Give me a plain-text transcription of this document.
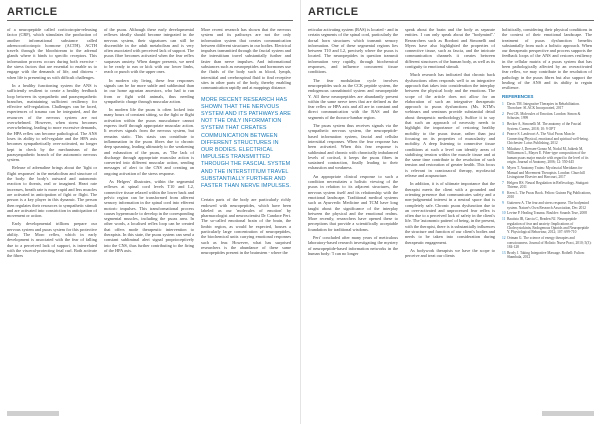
ARTICLE

of a neuropeptide called corticotropin-releasing factor (CRF), which stimulates the production of another informational substance called adrenocorticotropic hormone (ACTH). ACTH travels through the bloodstream to the adrenal glands where it binds to specific receptors. This information process occurs during both exercise - the stress factors that are essential to enable us to engage with the demands of life, and distress - when life is presenting us with difficult challenges.

In a healthy functioning system the ANS is sufficiently resilient to create a healthy feedback loop between its sympathetic and parasympathetic branches, maintaining sufficient resiliency for effective self-regulation. Challenges can be faced, experiences of trauma can be integrated, and the resources of the nervous system are not overwhelmed. However, when stress becomes overwhelming, leading to more excessive demands, the HPA reflex can become pathological. The ANS loses its ability to self-regulate and the HPA axis becomes sympathetically over-activated, no longer kept in check by the mechanisms of the parasympathetic branch of the autonomic nervous system.

Release of adrenaline brings about the 'fight or flight responses' in the metabolism and structure of the body: the body's outward and autonomic reaction to threats, real or imagined. Heart rate increases, breath rate is more rapid and less muscles are activated in anticipation of fight or flight. The person is a key player in this dynamic. The person then regulates their resources to sympathetic stimuli and are activated into constriction in anticipation of movement or action.

Early developmental trillions prepare our nervous system and psoas system for this protective ability. The Moro reflex, which in early development is associated with the fear of falling due to a perceived lack of support, is interrelated with the visceral-protecting fetal curl. Both activate the fibres

of the psoas. Although these early developmental reflexes ideally should become integrated in the nervous system, their signatures can still be discernible in the adult metabolism and is very often associated with perceived lack of support. The psoas fibre becomes activated when the fear reflex surpasses anxiety. When danger presents, we need to be ready to run or kick with our lower limbs, reach or punch with the upper ones.

In modern city living, these fear responses signals can be far more subtle and subliminal than in our home agrarian ancestors, who had to run from or fight wild animals, thus needing sympathetic charge through muscular action.

In modern life the psoas is often locked into many hours of constant sitting, so the fight or flight activation within the psoas musculature cannot express itself through appropriate muscular action. It receives signals from the nervous system, but remains static. This stasis can contribute to inflammation in the psoas fibres due to chronic deep spasming, leading ultimately to the weakening and exhaustion of the psoas, as 'The lack of discharge through appropriate muscular action is converted into different muscular action, sending messages of alert to the CNS and creating an ongoing activation of the stress response.

As Helgers' illustrates, within the segmental reflexes at spinal cord levels T10 and L2, connective tissue relaxed within the lower back and pelvic region can be transformed from afferent sensory information in the spinal cord into efferent motoric impulses. This transformational process causes hypermuscle to develop in the corresponding segmental muscles, including the psoas area. In other words, a localised reflex loop can be created that offers mode therapeutic intervention to therapists. In this state, the psoas system can send a constant subliminal alert signal proprioceptively into the CNS, thus further contributing to the firing of the HPA axis.

More recent research has shown that the nervous system and its pathways are not the only information system that creates communication between different structures in our bodies. Electrical impulses transmitted through the fascial system and the interstitium travel substantially further and faster than nerve impulses. And informational substances such as neuropeptides and hormones use the fluids of the body such as blood, lymph, interstitial and cerebrospinal fluid to find receptive sites in other parts of the body, thereby enabling communication rapidly and at mappings distance.

MORE RECENT RESEARCH HAS SHOWN THAT THE NERVOUS SYSTEM AND ITS PATHWAYS ARE NOT THE ONLY INFORMATION SYSTEM THAT CREATES COMMUNICATION BETWEEN DIFFERENT STRUCTURES IN OUR BODIES. ELECTRICAL IMPULSES TRANSMITTED THROUGH THE FASCIAL SYSTEM AND THE INTERSTITIUM TRAVEL SUBSTANTIALLY FURTHER AND FASTER THAN NERVE IMPULSES.

Certain parts of the body are particularly richly endowed with neuropeptides, which have been labeled as our 'molecules of emotion' by pharmacologist and neuroscientist Dr Candace Pert. The so-called emotional brain of the brain, the limbic region, as would be expected, houses a particularly large concentration of neuropeptides, the biochemical units carrying emotional responses such as fear. However, what has surprised researchers is the abundance of these same neuropeptides present in the brainstem - where the

ARTICLE

reticular activating system (RAS) is located - and in certain segments of the spinal cord, particularly the dorsal horn structures which transmit sensory information. One of these segmental regions lies between T10 and L2, precisely where the psoas is located. The neuropeptides in question transmit information very rapidly, through biochemical responses, and influence concurrent tissue conditions.

The fear modulation cycle involves neuropeptides such as the CCK peptide system, the endogenous cannabinoid system and neuropeptide Y. All these neuropeptides are abundantly present within the same nerve trees that are defined as the fear reflex or HPA axis and all are in constant and direct communication with the RAS and the segments of the thoraco-lumbar region.

The psoas system thus receives signals via the sympathetic nervous system, the neuropeptide-based information system, fascial and cellular interstitial responses. When the fear response has been activated. When this fear response is subliminal and chronic with chronically imbalanced levels of cortisol, it keeps the psoas fibres in sustained contraction, finally leading to their exhaustion and weakness.

An appropriate clinical response to such a condition necessitates a holistic viewing of the psoas in relation to its adjacent structures, the nervous system itself and its relationship with the emotional landscape. Traditional medical systems such as Ayurvedic Medicine and TCM have long taught about the significance of the interplay between the physical and the emotional realms. More recently, researchers have opened these to perceptions that provide a scientifically acceptable foundation for traditional wisdoms.

Pert' concluded after many years of meticulous laboratory-based research investigating the mystery of neuropeptide-based information networks in the human body: 'I can no longer

speak about the brain and the body as separate entities. I can only speak about the "bodymind".' Researchers such as Bordoni and Simonelli and Myers have also highlighted the properties of connective tissue, such as fascia, and the intricate communication channels it creates between different structures of the human body, as well as its contiguity to emotional stimuli.

Much research has indicated that chronic back dysfunctions often responds well to an integrative approach that takes into consideration the interplay between the physical body and the emotions. The scope of the article does not allow for an elaboration of such an integrative therapeutic approach to psoas dysfunctions (Ms. KTM's webinars and seminars provide substantial detail about therapeutic methodology). Suffice it to say that such an approach of necessity needs to highlight the importance of restoring healthy mobility to the psoas tissue, rather than just focusing on its properties of muscularity and mobility. A deep listening to connective tissue conditions at such a level can identify areas of stabilising tension within the muscle tissue and at the same time contribute to the resolution of such tension and restoration of greater health. This focus is relevant in craniosacral therapy, myofascial release and acupuncture.

In addition, it is of ultimate importance that the therapist meets the client with a grounded and orienting presence that communicates safety and a non-judgmental interest in a neutral space that is completely safe. Chronic psoas dysfunction due to an over-activated and unprocessed fear reflex is often due to a perceived lack of safety in the client's life. The 'autonomic pattern' of being, in the present, with the therapist, there is is substantially influences the structure and function of our client's bodies and needs to be taken into consideration during therapeutic engagement.

As bodywork therapists we have the scope to perceive and treat our clients

holistically, considering their physical conditions in the context of their emotional landscape. The treatment of psoas dysfunction benefits substantially from such a holistic approach. When our therapeutic perspective and process supports the feedback loops of the ANS and restores resiliency in the cellular matrix of a psoas system that has been pathologically affected by an overactivated fear reflex, we may contribute to the resolution of pathology in the psoas fibres but also support the healing of the ANS and its ability to regain resilience.

REFERENCES
1 Davis TM. Integrative Therapies in Rehabilitation. Thorofare: SLACK Incorporated, 2017
2 Pert CB. Molecules of Emotion. London: Simon & Schuster, 1999
3 Becker A, Simonelli M. The anatomy of the Fascial System. Cureus, 2018; 10: 9 OPT
4 Pearce S. Lasdecort A. The Vital Psoas Muscle: Connecting Physical, emotional and spiritual well-being. Chichester: Lotus Publishing, 2012
5 Mikahaw J, Dressen-Gonzo M, Nodal M, Jaikesh M, Williamson L, Mayes E. Fiber-type composition of the human psoas major muscle with regard to the level of its origin. Journal of Anatomy, 2006; 12: 550-445
6 Myers T. Anatomy Trains: Myofascial Meridians for Manual and Movement Therapists. London: Churchill Livingstone Elsevier and Harcourt, 2017
7 Helgers RS. Neural Regulation in Reflexology. Stuttgart: Thieme, 2011
8 Keen L. The Psoas Book. Felton: Guinea Pig Publications, 2010
9 Gutierrez A. The fear and stress response. The bodymind system. Nature's Own Research Association, Dec 2012
10 Levine P. Healing Trauma. Boulder: Sounds True, 2008
11 Bautista IR, Garcia C, Beaden NJ. Neuropeptide regulation of fear and anxiety: Implications of Cholecystokinin, Endogenous Opioids and Neuropeptide Y. Physiological Behaviour, 2012; 107: 699-710
12 Ortman G. The science of energy therapies and consciousness. Journal of Holistic Nurse Pract, 2010; 5(3): 184-128
13 Brody J. Taking Integrative Massage. Bothell: Fulton: Shambala, 2012
